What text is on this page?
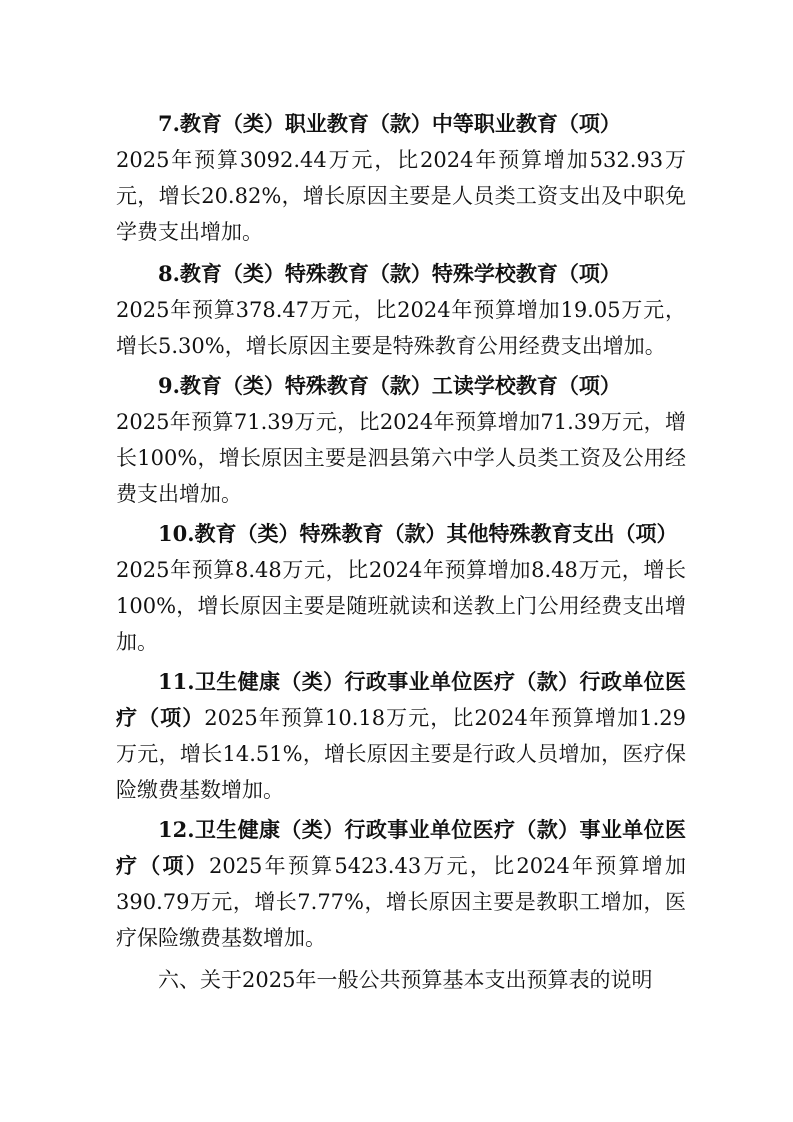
7.教育（类）职业教育（款）中等职业教育（项）
2025年预算3092.44万元，比2024年预算增加532.93万元，增长20.82%，增长原因主要是人员类工资支出及中职免学费支出增加。
8.教育（类）特殊教育（款）特殊学校教育（项）
2025年预算378.47万元，比2024年预算增加19.05万元，增长5.30%，增长原因主要是特殊教育公用经费支出增加。
9.教育（类）特殊教育（款）工读学校教育（项）
2025年预算71.39万元，比2024年预算增加71.39万元，增长100%，增长原因主要是泗县第六中学人员类工资及公用经费支出增加。
10.教育（类）特殊教育（款）其他特殊教育支出（项）
2025年预算8.48万元，比2024年预算增加8.48万元，增长100%，增长原因主要是随班就读和送教上门公用经费支出增加。
11.卫生健康（类）行政事业单位医疗（款）行政单位医疗（项）2025年预算10.18万元，比2024年预算增加1.29万元，增长14.51%，增长原因主要是行政人员增加，医疗保险缴费基数增加。
12.卫生健康（类）行政事业单位医疗（款）事业单位医疗（项）2025年预算5423.43万元，比2024年预算增加390.79万元，增长7.77%，增长原因主要是教职工增加，医疗保险缴费基数增加。
六、关于2025年一般公共预算基本支出预算表的说明
